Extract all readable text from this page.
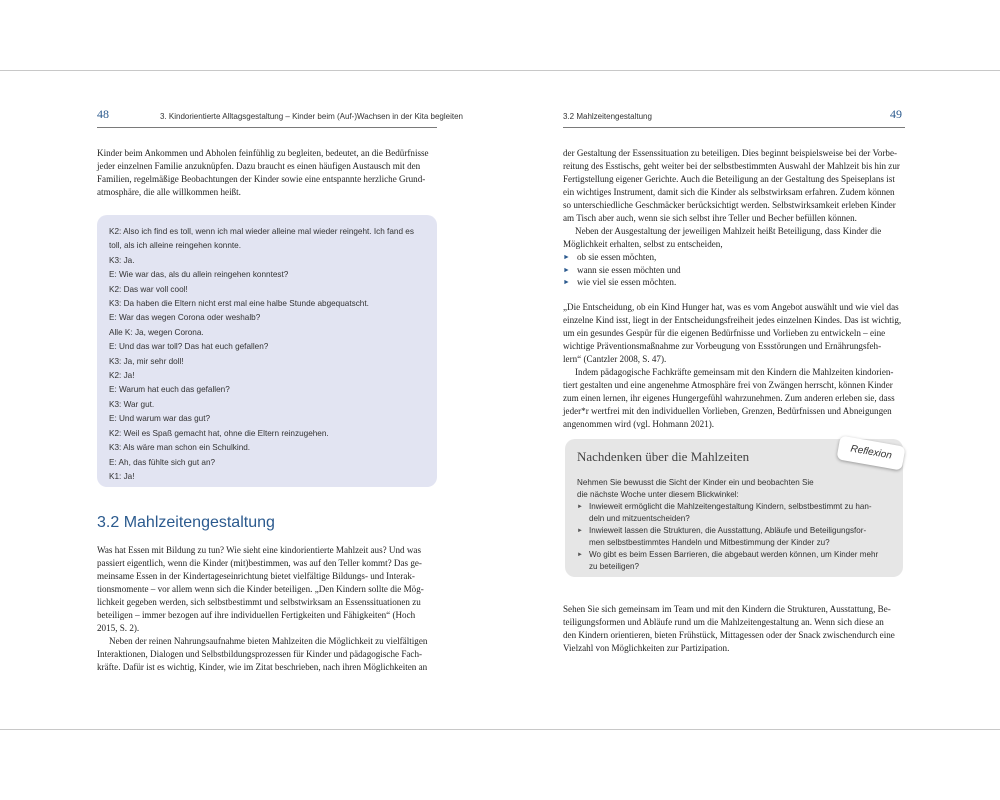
48	3. Kindorientierte Alltagsgestaltung – Kinder beim (Auf-)Wachsen in der Kita begleiten

Kinder beim Ankommen und Abholen feinfühlig zu begleiten, bedeutet, an die Bedürfnisse

jeder einzelnen Familie anzuknüpfen. Dazu braucht es einen häufigen Austausch mit den

Familien, regelmäßige Beobachtungen der Kinder sowie eine entspannte herzliche Grund-

atmosphäre, die alle willkommen heißt.

K2: Also ich find es toll, wenn ich mal wieder alleine mal wieder reingeht. Ich fand es

toll, als ich alleine reingehen konnte.

K3: Ja.

E: Wie war das, als du allein reingehen konntest?

K2: Das war voll cool!

K3: Da haben die Eltern nicht erst mal eine halbe Stunde abgequatscht.

E: War das wegen Corona oder weshalb?

Alle K: Ja, wegen Corona.

E: Und das war toll? Das hat euch gefallen?

K3: Ja, mir sehr doll!

K2: Ja!

E: Warum hat euch das gefallen?

K3: War gut.

E: Und warum war das gut?

K2: Weil es Spaß gemacht hat, ohne die Eltern reinzugehen.

K3: Als wäre man schon ein Schulkind.

E: Ah, das fühlte sich gut an?

K1: Ja!

3.2 Mahlzeitengestaltung

Was hat Essen mit Bildung zu tun? Wie sieht eine kindorientierte Mahlzeit aus? Und was

passiert eigentlich, wenn die Kinder (mit)bestimmen, was auf den Teller kommt? Das ge-

meinsame Essen in der Kindertageseinrichtung bietet vielfältige Bildungs- und Interak-

tionsmomente – vor allem wenn sich die Kinder beteiligen. „Den Kindern sollte die Mög-

lichkeit gegeben werden, sich selbstbestimmt und selbstwirksam an Essenssituationen zu

beteiligen – immer bezogen auf ihre individuellen Fertigkeiten und Fähigkeiten“ (Hoch

2015, S. 2).

Neben der reinen Nahrungsaufnahme bieten Mahlzeiten die Möglichkeit zu vielfältigen

Interaktionen, Dialogen und Selbstbildungsprozessen für Kinder und pädagogische Fach-

kräfte. Dafür ist es wichtig, Kinder, wie im Zitat beschrieben, nach ihren Möglichkeiten an

3.2 Mahlzeitengestaltung	49

der Gestaltung der Essenssituation zu beteiligen. Dies beginnt beispielsweise bei der Vorbe-

reitung des Esstischs, geht weiter bei der selbstbestimmten Auswahl der Mahlzeit bis hin zur

Fertigstellung eigener Gerichte. Auch die Beteiligung an der Gestaltung des Speiseplans ist

ein wichtiges Instrument, damit sich die Kinder als selbstwirksam erfahren. Zudem können

so unterschiedliche Geschmäcker berücksichtigt werden. Selbstwirksamkeit erleben Kinder

am Tisch aber auch, wenn sie sich selbst ihre Teller und Becher befüllen können.

Neben der Ausgestaltung der jeweiligen Mahlzeit heißt Beteiligung, dass Kinder die

Möglichkeit erhalten, selbst zu entscheiden,

► ob sie essen möchten,
► wann sie essen möchten und
► wie viel sie essen möchten.

„Die Entscheidung, ob ein Kind Hunger hat, was es vom Angebot auswählt und wie viel das

einzelne Kind isst, liegt in der Entscheidungsfreiheit jedes einzelnen Kindes. Das ist wichtig,

um ein gesundes Gespür für die eigenen Bedürfnisse und Vorlieben zu entwickeln – eine

wichtige Präventionsmaßnahme zur Vorbeugung von Essstörungen und Ernährungsfeh-

lern“ (Cantzler 2008, S. 47).

Indem pädagogische Fachkräfte gemeinsam mit den Kindern die Mahlzeiten kindorien-

tiert gestalten und eine angenehme Atmosphäre frei von Zwängen herrscht, können Kinder

zum einen lernen, ihr eigenes Hungergefühl wahrzunehmen. Zum anderen erleben sie, dass

jeder*r wertfrei mit den individuellen Vorlieben, Grenzen, Bedürfnissen und Abneigungen

angenommen wird (vgl. Hohmann 2021).

Nachdenken über die Mahlzeiten

Nehmen Sie bewusst die Sicht der Kinder ein und beobachten Sie

die nächste Woche unter diesem Blickwinkel:

► Inwieweit ermöglicht die Mahlzeitengestaltung Kindern, selbstbestimmt zu han-
deln und mitzuentscheiden?
► Inwieweit lassen die Strukturen, die Ausstattung, Abläufe und Beteiligungsfor-
men selbstbestimmtes Handeln und Mitbestimmung der Kinder zu?
► Wo gibt es beim Essen Barrieren, die abgebaut werden können, um Kinder mehr
zu beteiligen?
Reflexion

Sehen Sie sich gemeinsam im Team und mit den Kindern die Strukturen, Ausstattung, Be-

teiligungsformen und Abläufe rund um die Mahlzeitengestaltung an. Wenn sich diese an

den Kindern orientieren, bieten Frühstück, Mittagessen oder der Snack zwischendurch eine

Vielzahl von Möglichkeiten zur Partizipation.
